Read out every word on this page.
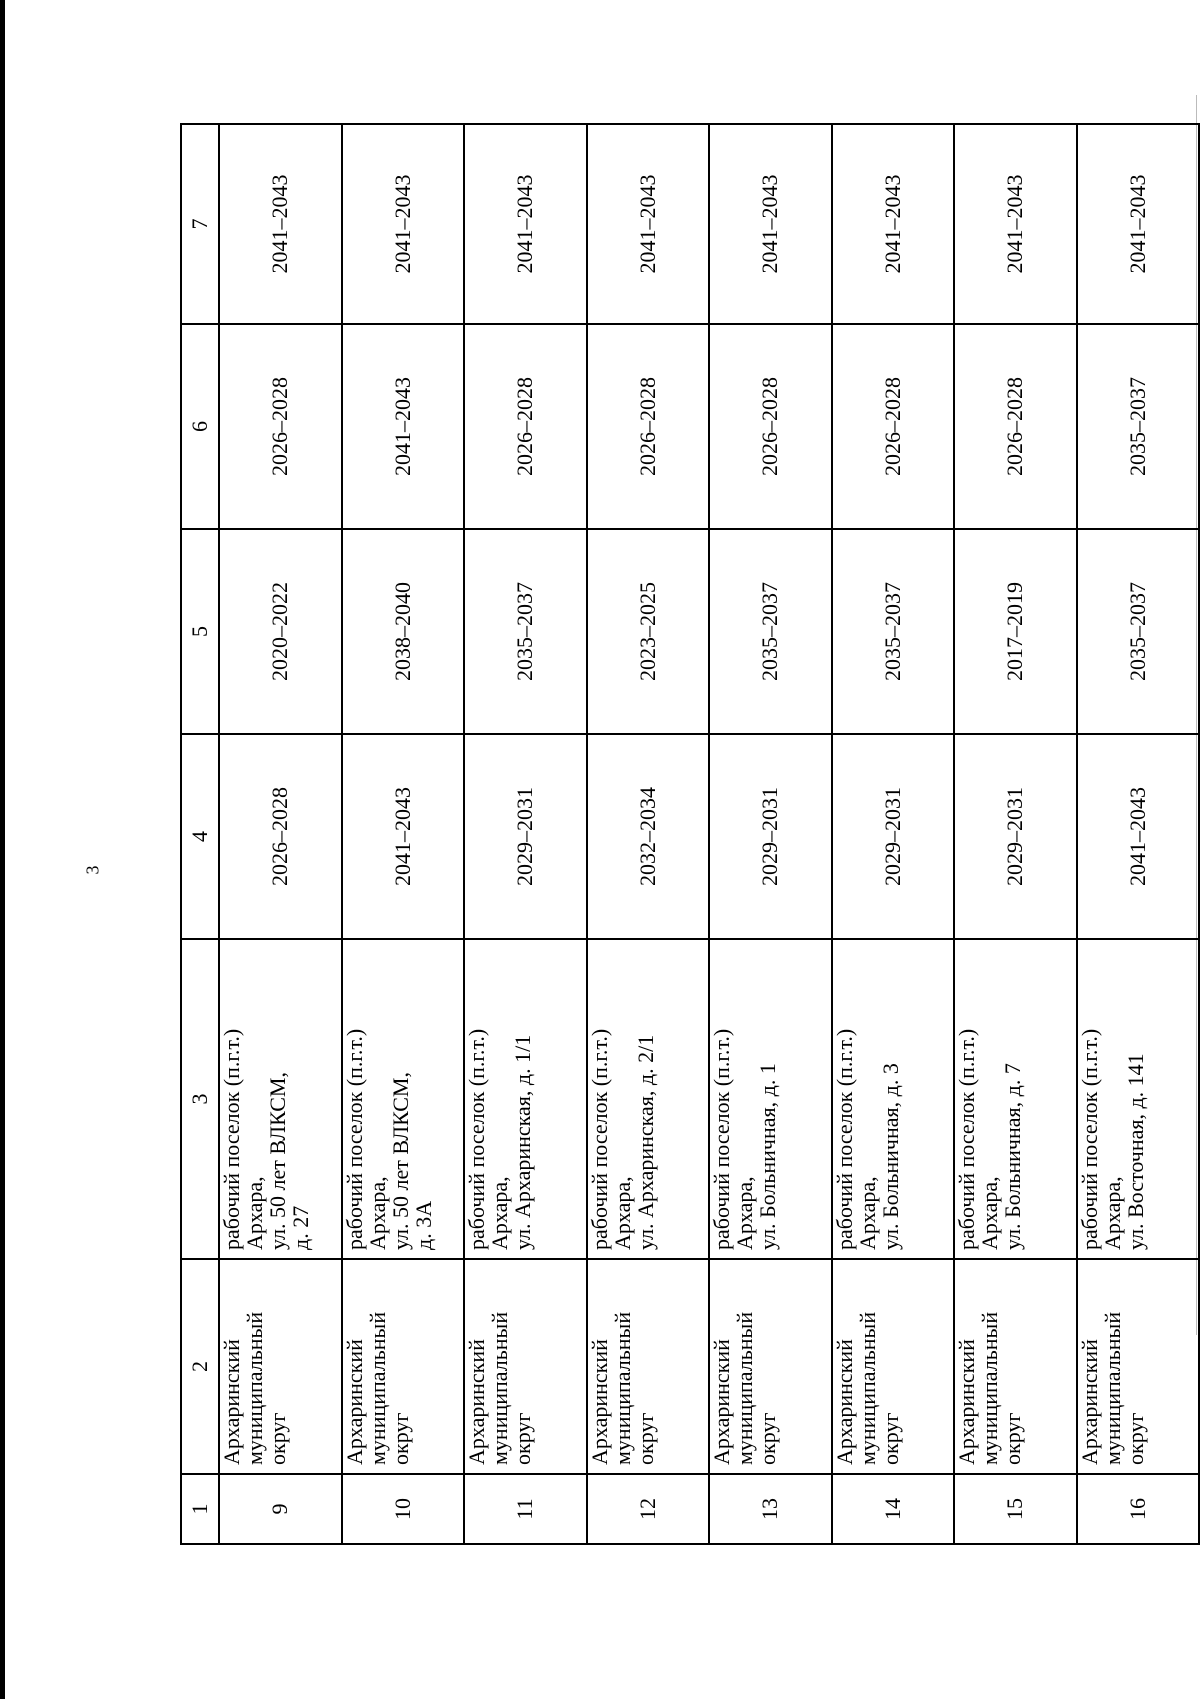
3
1	2	3	4	5	6	7
9	Архаринский
муниципальный
округ	рабочий поселок (п.г.т.)
Архара,
ул. 50 лет ВЛКСМ,
д. 27	2026–2028	2020–2022	2026–2028	2041–2043
10	Архаринский
муниципальный
округ	рабочий поселок (п.г.т.)
Архара,
ул. 50 лет ВЛКСМ,
д. 3А	2041–2043	2038–2040	2041–2043	2041–2043
11	Архаринский
муниципальный
округ	рабочий поселок (п.г.т.)
Архара,
ул. Архаринская, д. 1/1	2029–2031	2035–2037	2026–2028	2041–2043
12	Архаринский
муниципальный
округ	рабочий поселок (п.г.т.)
Архара,
ул. Архаринская, д. 2/1	2032–2034	2023–2025	2026–2028	2041–2043
13	Архаринский
муниципальный
округ	рабочий поселок (п.г.т.)
Архара,
ул. Больничная, д. 1	2029–2031	2035–2037	2026–2028	2041–2043
14	Архаринский
муниципальный
округ	рабочий поселок (п.г.т.)
Архара,
ул. Больничная, д. 3	2029–2031	2035–2037	2026–2028	2041–2043
15	Архаринский
муниципальный
округ	рабочий поселок (п.г.т.)
Архара,
ул. Больничная, д. 7	2029–2031	2017–2019	2026–2028	2041–2043
16	Архаринский
муниципальный
округ	рабочий поселок (п.г.т.)
Архара,
ул. Восточная, д. 141	2041–2043	2035–2037	2035–2037	2041–2043
